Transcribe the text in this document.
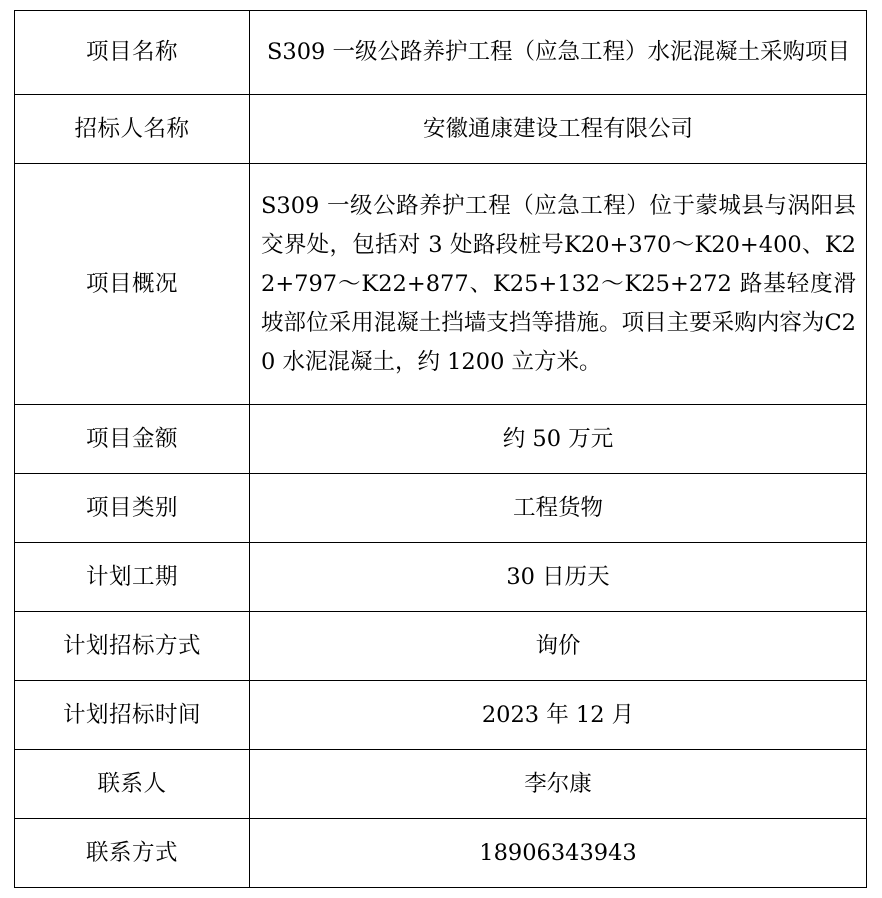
项目名称	S309 一级公路养护工程（应急工程）水泥混凝土采购项目
招标人名称	安徽通康建设工程有限公司
项目概况	S309 一级公路养护工程（应急工程）位于蒙城县与涡阳县交界处，包括对 3 处路段桩号K20+370～K20+400、K22+797～K22+877、K25+132～K25+272 路基轻度滑坡部位采用混凝土挡墙支挡等措施。项目主要采购内容为C20 水泥混凝土，约 1200 立方米。
项目金额	约 50 万元
项目类别	工程货物
计划工期	30 日历天
计划招标方式	询价
计划招标时间	2023 年 12 月
联系人	李尔康
联系方式	18906343943
